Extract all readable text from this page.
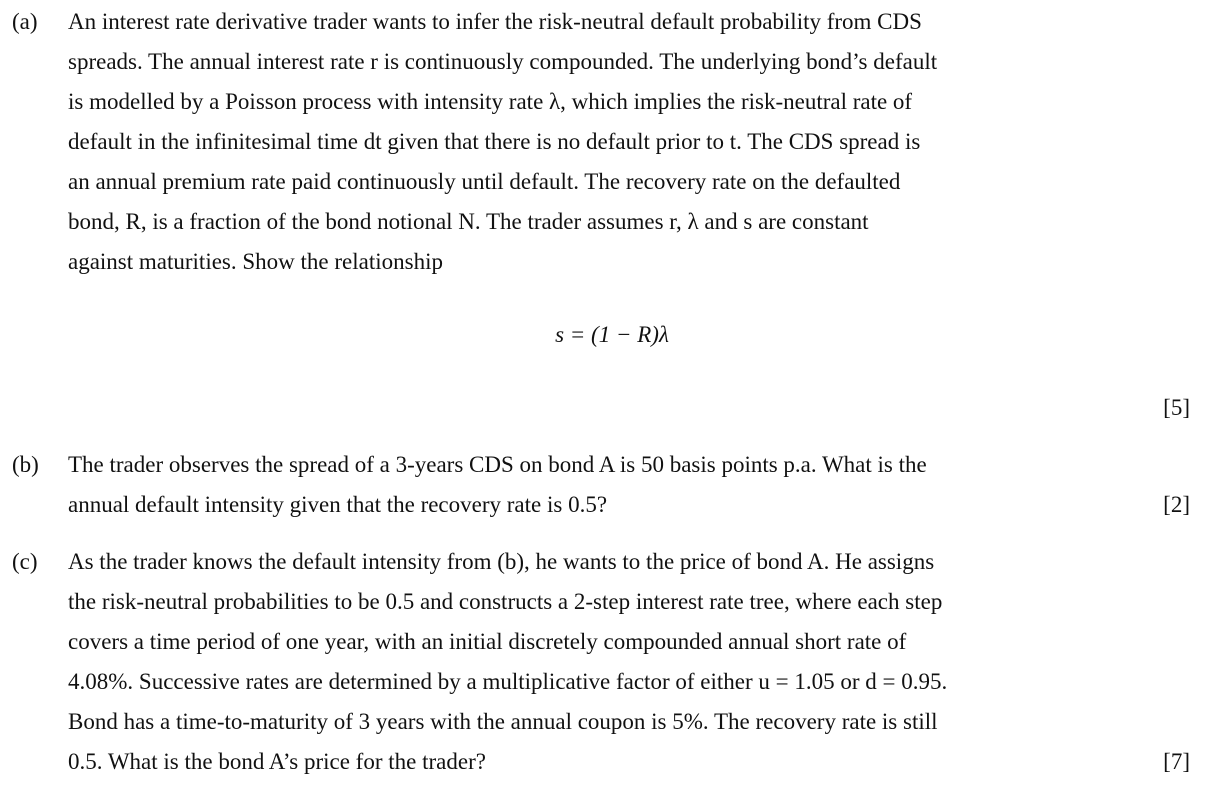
(a) An interest rate derivative trader wants to infer the risk-neutral default probability from CDS

spreads. The annual interest rate r is continuously compounded. The underlying bond’s default

is modelled by a Poisson process with intensity rate λ, which implies the risk-neutral rate of

default in the infinitesimal time dt given that there is no default prior to t. The CDS spread is

an annual premium rate paid continuously until default. The recovery rate on the defaulted

bond, R, is a fraction of the bond notional N. The trader assumes r, λ and s are constant

against maturities. Show the relationship

s = (1 − R)λ
[5]
(b) The trader observes the spread of a 3-years CDS on bond A is 50 basis points p.a. What is the

annual default intensity given that the recovery rate is 0.5?	[2]
(c) As the trader knows the default intensity from (b), he wants to the price of bond A. He assigns

the risk-neutral probabilities to be 0.5 and constructs a 2-step interest rate tree, where each step

covers a time period of one year, with an initial discretely compounded annual short rate of

4.08%. Successive rates are determined by a multiplicative factor of either u = 1.05 or d = 0.95.

Bond has a time-to-maturity of 3 years with the annual coupon is 5%. The recovery rate is still

0.5. What is the bond A’s price for the trader?	[7]
